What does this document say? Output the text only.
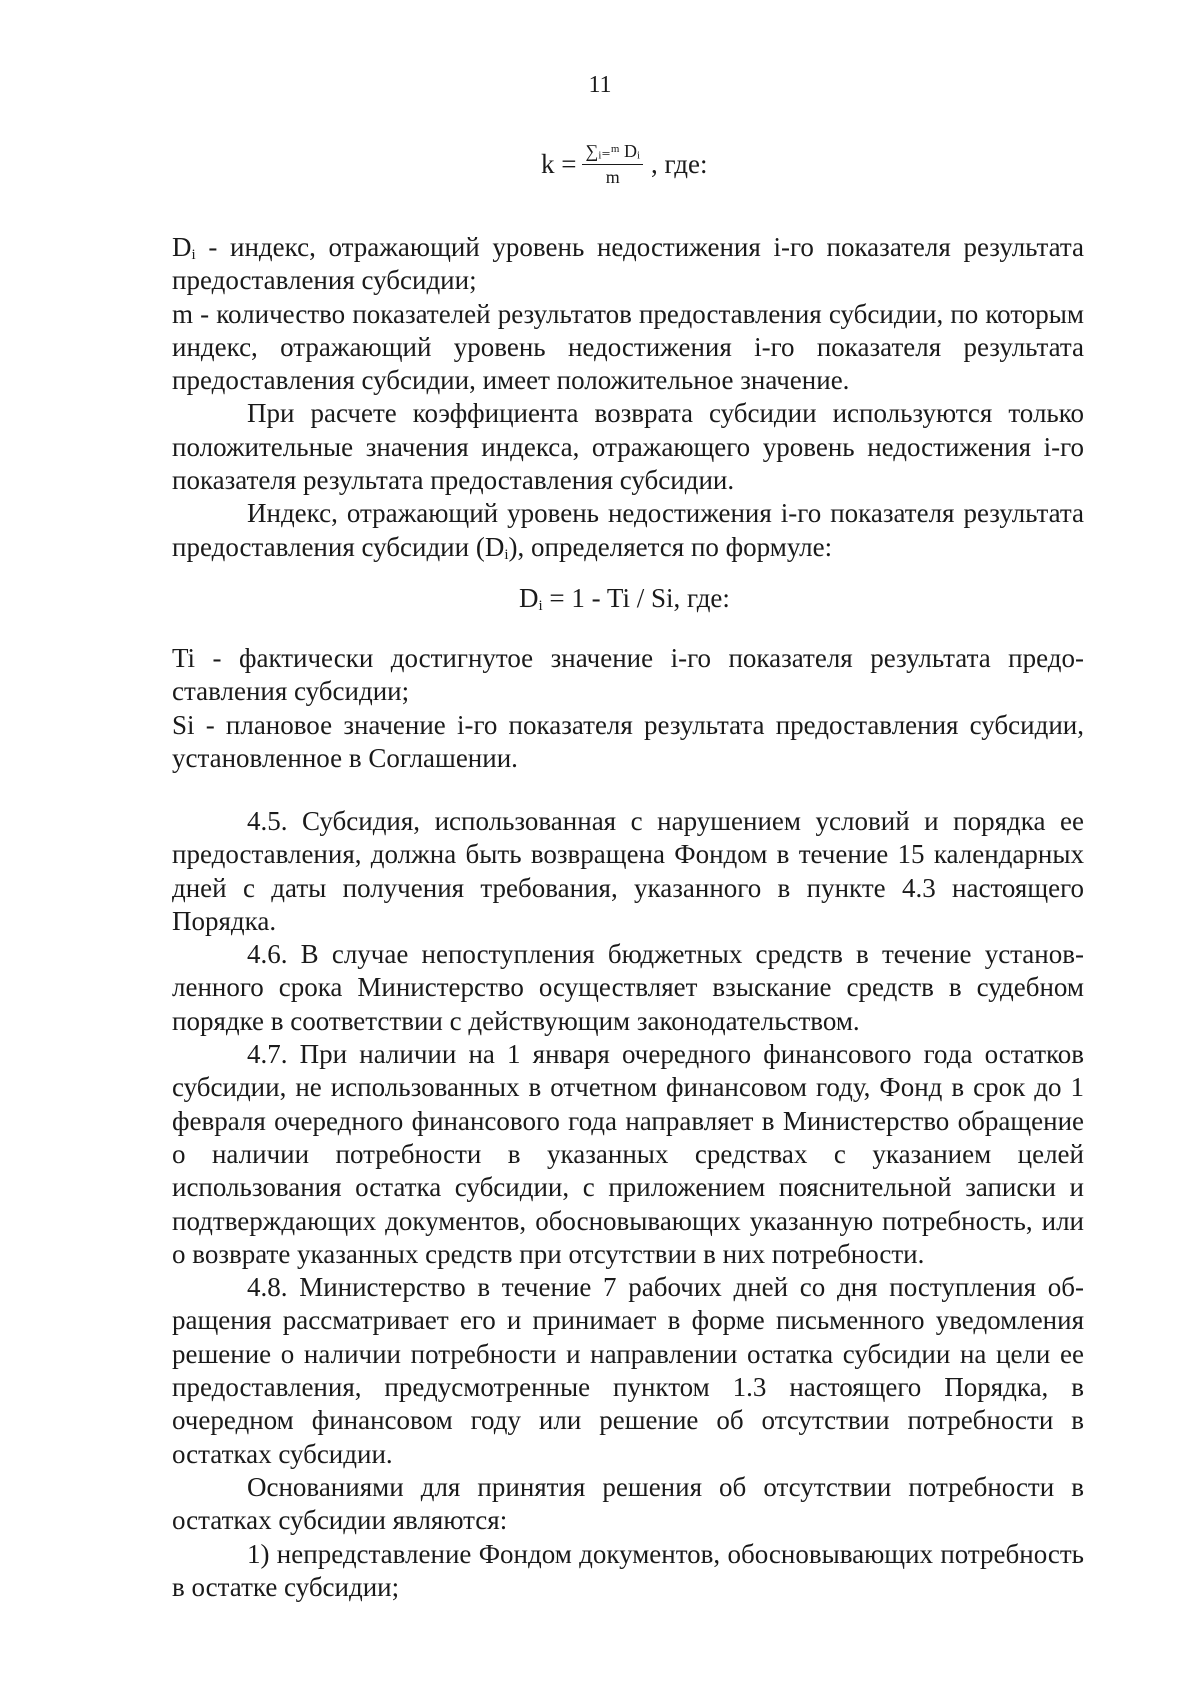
11
$k = \frac{\text{∑ᵢ₌ᵐ Dᵢ}}{m}$ , где:

$D_i$ - индекс, отражающий уровень недостижения i-го показателя результата предоставления субсидии;

m - количество показателей результатов предоставления субсидии, по которым индекс, отражающий уровень недостижения i-го показателя результата предоставления субсидии, имеет положительное значение.

При расчете коэффициента возврата субсидии используются только положительные значения индекса, отражающего уровень недостижения i-го показателя результата предоставления субсидии.

Индекс, отражающий уровень недостижения i-го показателя результата предоставления субсидии $(D_i)$, определяется по формуле:

$D_i = 1 - Ti / Si$, где:

Ti - фактически достигнутое значение i-го показателя результата предоставления субсидии;

Si - плановое значение i-го показателя результата предоставления субсидии, установленное в Соглашении.

4.5. Субсидия, использованная с нарушением условий и порядка ее предоставления, должна быть возвращена Фондом в течение 15 календарных дней с даты получения требования, указанного в пункте 4.3 настоящего Порядка.

4.6. В случае непоступления бюджетных средств в течение установленного срока Министерство осуществляет взыскание средств в судебном порядке в соответствии с действующим законодательством.

4.7. При наличии на 1 января очередного финансового года остатков субсидии, не использованных в отчетном финансовом году, Фонд в срок до 1 февраля очередного финансового года направляет в Министерство обращение о наличии потребности в указанных средствах с указанием целей использования остатка субсидии, с приложением пояснительной записки и подтверждающих документов, обосновывающих указанную потребность, или о возврате указанных средств при отсутствии в них потребности.

4.8. Министерство в течение 7 рабочих дней со дня поступления обращения рассматривает его и принимает в форме письменного уведомления решение о наличии потребности и направлении остатка субсидии на цели ее предоставления, предусмотренные пунктом 1.3 настоящего Порядка, в очередном финансовом году или решение об отсутствии потребности в остатках субсидии.

Основаниями для принятия решения об отсутствии потребности в остатках субсидии являются:

1) непредставление Фондом документов, обосновывающих потребность в остатке субсидии;
